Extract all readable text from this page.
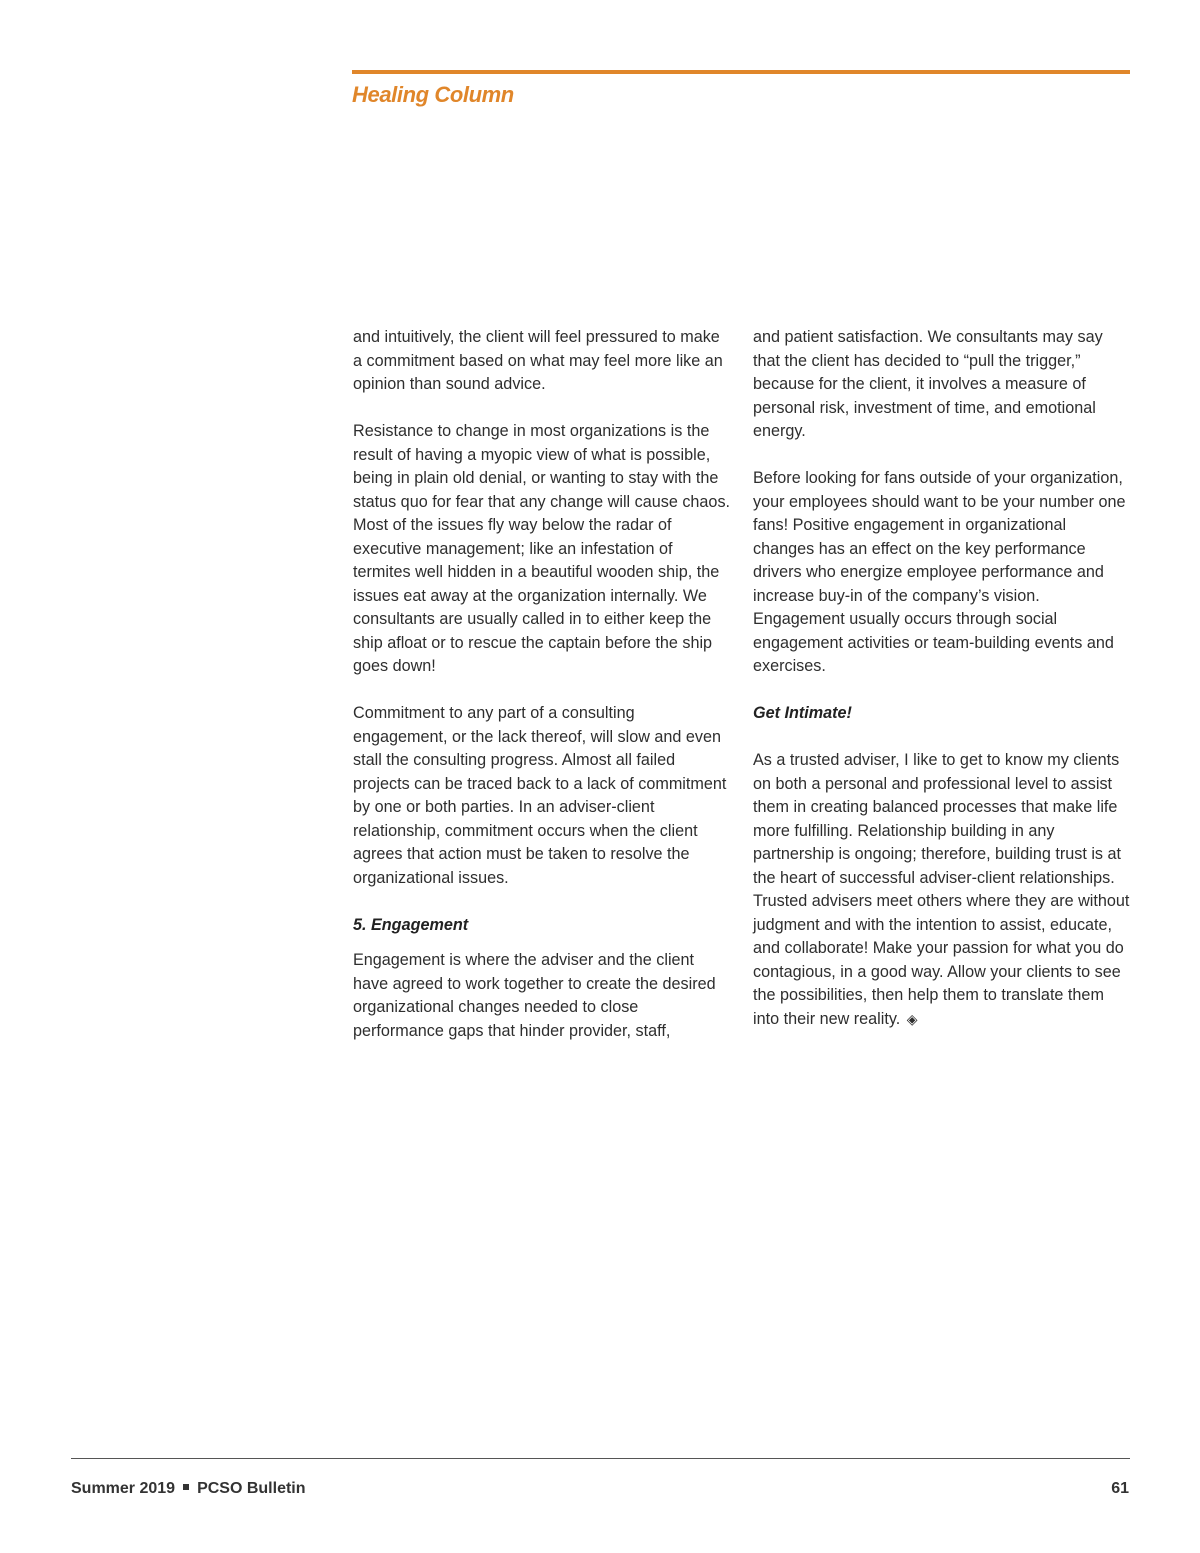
Healing Column

and intuitively, the client will feel pressured to make a commitment based on what may feel more like an opinion than sound advice.

Resistance to change in most organizations is the result of having a myopic view of what is possible, being in plain old denial, or wanting to stay with the status quo for fear that any change will cause chaos. Most of the issues fly way below the radar of executive management; like an infestation of termites well hidden in a beautiful wooden ship, the issues eat away at the organization internally. We consultants are usually called in to either keep the ship afloat or to rescue the captain before the ship goes down!

Commitment to any part of a consulting engagement, or the lack thereof, will slow and even stall the consulting progress. Almost all failed projects can be traced back to a lack of commitment by one or both parties. In an adviser-client relationship, commitment occurs when the client agrees that action must be taken to resolve the organizational issues.

5. Engagement

Engagement is where the adviser and the client have agreed to work together to create the desired organizational changes needed to close performance gaps that hinder provider, staff,

and patient satisfaction. We consultants may say that the client has decided to “pull the trigger,” because for the client, it involves a measure of personal risk, investment of time, and emotional energy.

Before looking for fans outside of your organization, your employees should want to be your number one fans! Positive engagement in organizational changes has an effect on the key performance drivers who energize employee performance and increase buy-in of the company’s vision. Engagement usually occurs through social engagement activities or team-building events and exercises.

Get Intimate!

As a trusted adviser, I like to get to know my clients on both a personal and professional level to assist them in creating balanced processes that make life more fulfilling. Relationship building in any partnership is ongoing; therefore, building trust is at the heart of successful adviser-client relationships. Trusted advisers meet others where they are without judgment and with the intention to assist, educate, and collaborate! Make your passion for what you do contagious, in a good way. Allow your clients to see the possibilities, then help them to translate them into their new reality. ◈

Summer 2019 PCSO Bulletin	61
